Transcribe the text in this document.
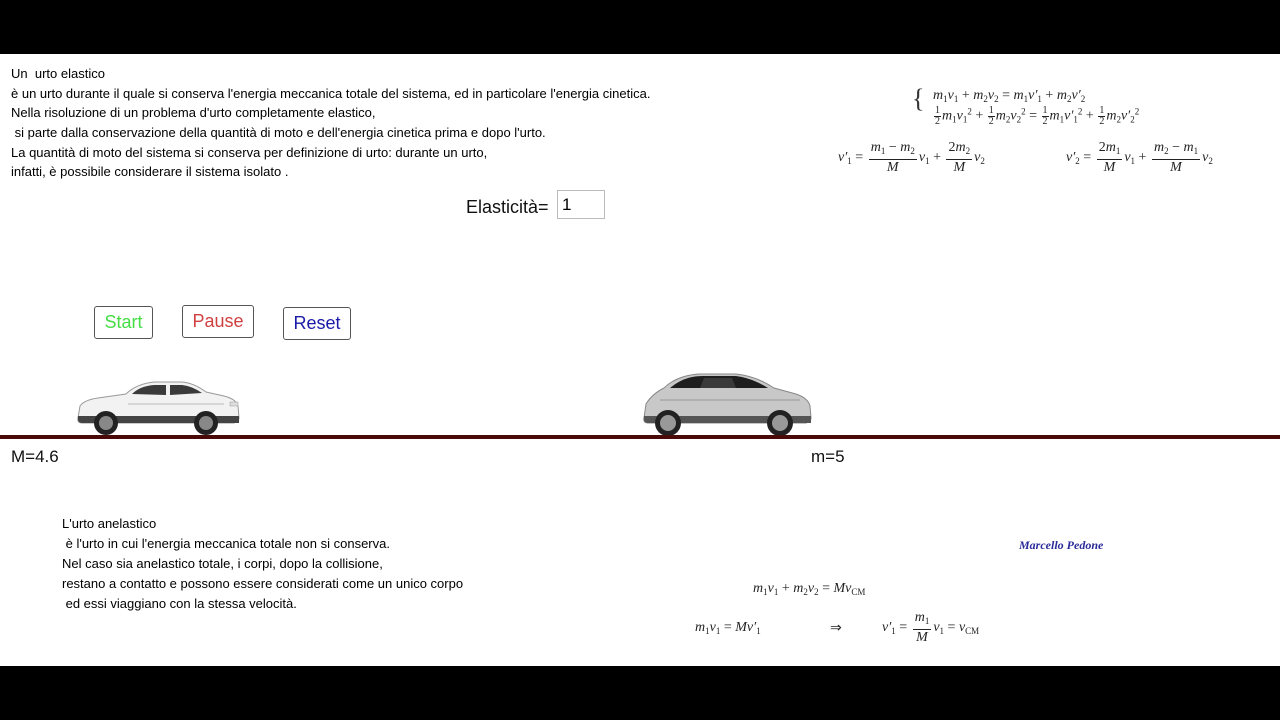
Un  urto elastico
è un urto durante il quale si conserva l'energia meccanica totale del sistema, ed in particolare l'energia cinetica.
Nella risoluzione di un problema d'urto completamente elastico,
si parte dalla conservazione della quantità di moto e dell'energia cinetica prima e dopo l'urto.
La quantità di moto del sistema si conserva per definizione di urto: durante un urto,
infatti, è possibile considerare il sistema isolato .
{ $m_1v_1 + m_2v_2 = m_1v'_1 + m_2v'_2$
$\frac{1}{2} m_1v_1^2 + \frac{1}{2} m_2v_2^2 = \frac{1}{2} m_1v'_1^2 + \frac{1}{2} m_2v'_2^2$
$v'_1 = \frac{m_1 - m_2}{M} v_1 + \frac{2m_2}{M} v_2$	$v'_2 = \frac{2m_1}{M} v_1 + \frac{m_2 - m_1}{M} v_2$
Elasticità=
1
Start	Pause	Reset
M=4.6	m=5
L'urto anelastico
è l'urto in cui l'energia meccanica totale non si conserva.
Nel caso sia anelastico totale, i corpi, dopo la collisione,
restano a contatto e possono essere considerati come un unico corpo
ed essi viaggiano con la stessa velocità.
Marcello Pedone
$m_1v_1 + m_2v_2 = Mv_{CM}$
$m_1v_1 = Mv'_1$	⇒	$v'_1 = \frac{m_1}{M} v_1 = v_{CM}$
